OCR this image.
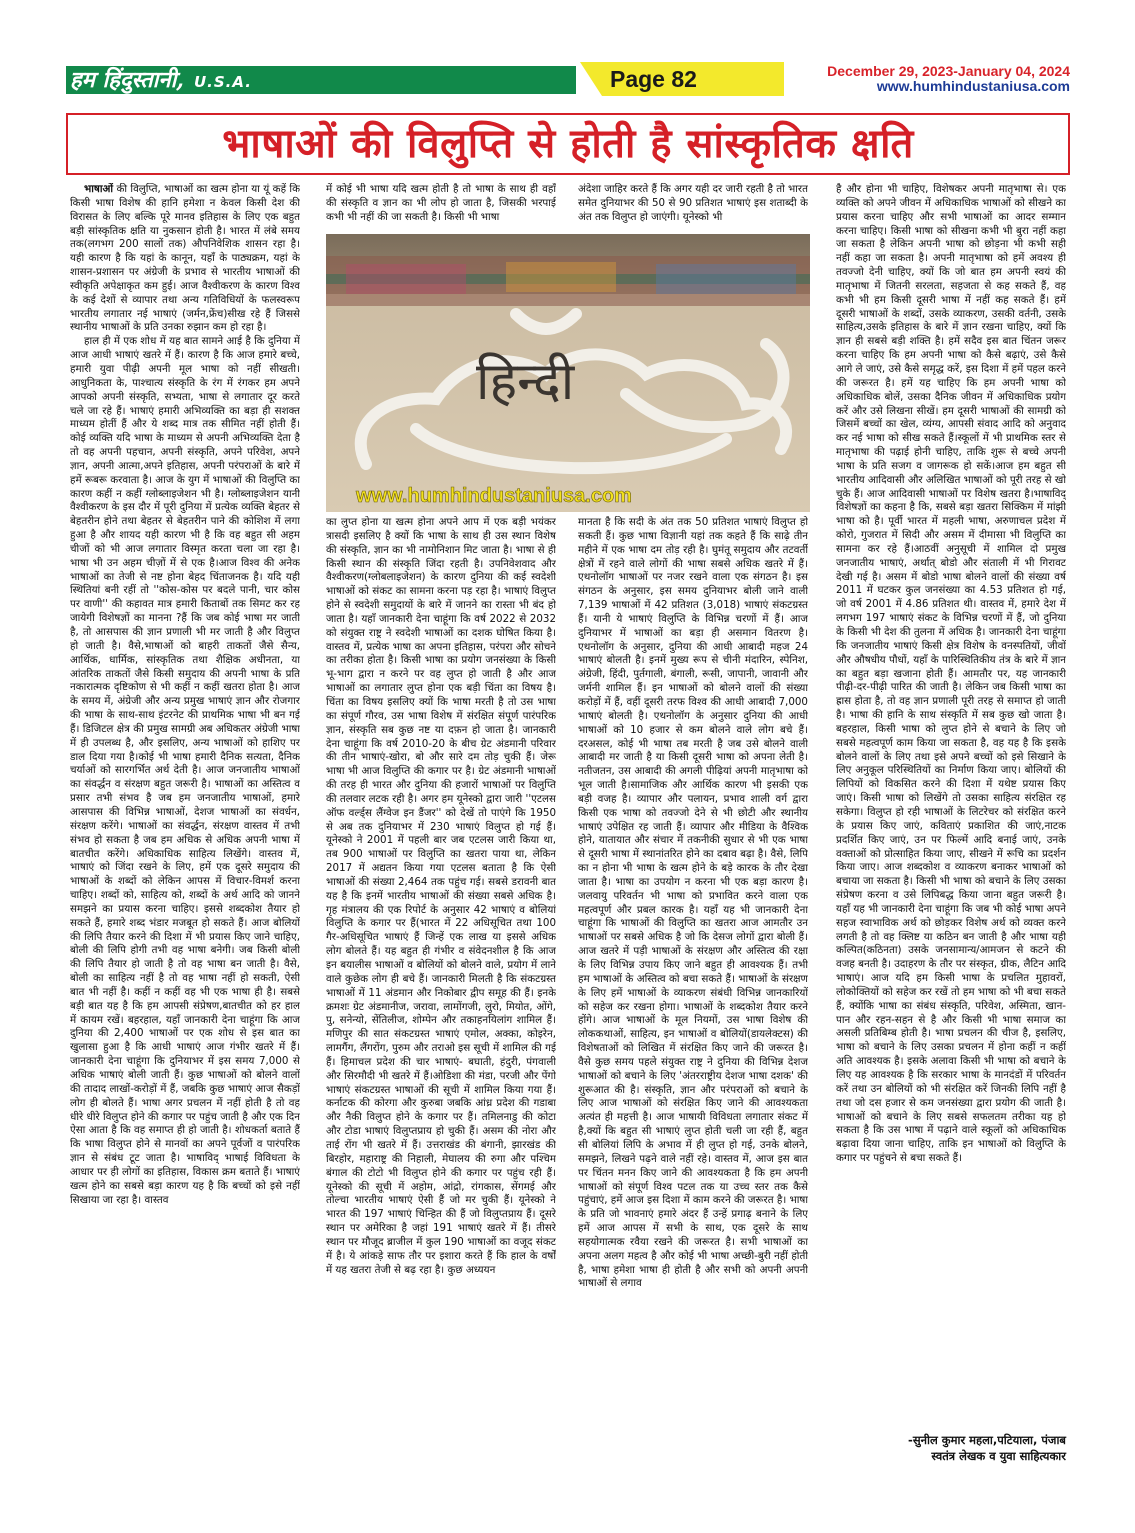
हम हिंदुस्तानी, U.S.A.	Page 82	December 29, 2023-January 04, 2024
www.humhindustaniusa.com
भाषाओं की विलुप्ति से होती है सांस्कृतिक क्षति

भाषाओं की विलुप्ति, भाषाओं का खत्म होना या यूं कहें कि किसी भाषा विशेष की हानि हमेशा न केवल किसी देश की विरासत के लिए बल्कि पूरे मानव इतिहास के लिए एक बहुत बड़ी सांस्कृतिक क्षति या नुकसान होती है। भारत में लंबे समय तक(लगभग 200 सालों तक) औपनिवेशिक शासन रहा है। यही कारण है कि यहां के कानून, यहाँ के पाठ्यक्रम, यहां के शासन-प्रशासन पर अंग्रेजी के प्रभाव से भारतीय भाषाओं की स्वीकृति अपेक्षाकृत कम हुई। आज वैश्वीकरण के कारण विश्व के कई देशों से व्यापार तथा अन्य गतिविधियों के फलस्वरूप भारतीय लगातार नई भाषाएं (जर्मन,फ्रेंच)सीख रहे हैं जिससे स्थानीय भाषाओं के प्रति उनका रुझान कम हो रहा है।

हाल ही में एक शोध में यह बात सामने आई है कि दुनिया में आज आधी भाषाएं खतरे में हैं। कारण है कि आज हमारे बच्चे, हमारी युवा पीढ़ी अपनी मूल भाषा को नहीं सीखती। आधुनिकता के, पाश्चात्य संस्कृति के रंग में रंगकर हम अपने आपको अपनी संस्कृति, सभ्यता, भाषा से लगातार दूर करते चले जा रहे हैं। भाषाएं हमारी अभिव्यक्ति का बड़ा ही सशक्त माध्यम होतीं हैं और ये शब्द मात्र तक सीमित नहीं होती हैं। कोई व्यक्ति यदि भाषा के माध्यम से अपनी अभिव्यक्ति देता है तो वह अपनी पहचान, अपनी संस्कृति, अपने परिवेश, अपने ज्ञान, अपनी आत्मा,अपने इतिहास, अपनी परंपराओं के बारे में हमें रूबरू करवाता है। आज के युग में भाषाओं की विलुप्ति का कारण कहीं न कहीं ग्लोब्लाइजेशन भी है। ग्लोब्लाइजेशन यानी वैश्वीकरण के इस दौर में पूरी दुनिया में प्रत्येक व्यक्ति बेहतर से बेहतरीन होने तथा बेहतर से बेहतरीन पाने की कोशिश में लगा हुआ है और शायद यही कारण भी है कि वह बहुत सी अहम चीजों को भी आज लगातार विस्मृत करता चला जा रहा है। भाषा भी उन अहम चीज़ों में से एक है।आज विश्व की अनेक भाषाओं का तेजी से नष्ट होना बेहद चिंताजनक है। यदि यही स्थितियां बनी रहीं तो ''कोस-कोस पर बदले पानी, चार कोस पर वाणी'' की कहावत मात्र हमारी किताबों तक सिमट कर रह जायेगी विशेषज्ञों का मानना ?हैं कि जब कोई भाषा मर जाती है, तो आसपास की ज्ञान प्रणाली भी मर जाती है और विलुप्त हो जाती है। वैसे,भाषाओं को बाहरी ताकतों जैसे सैन्य, आर्थिक, धार्मिक, सांस्कृतिक तथा शैक्षिक अधीनता, या आंतरिक ताकतों जैसे किसी समुदाय की अपनी भाषा के प्रति नकारात्मक दृष्टिकोण से भी कहीं न कहीं खतरा होता है। आज के समय में, अंग्रेजी और अन्य प्रमुख भाषाएं ज्ञान और रोजगार की भाषा के साथ-साथ इंटरनेट की प्राथमिक भाषा भी बन गई हैं। डिजिटल क्षेत्र की प्रमुख सामग्री अब अधिकतर अंग्रेजी भाषा में ही उपलब्ध है, और इसलिए, अन्य भाषाओं को हाशिए पर डाल दिया गया है।कोई भी भाषा हमारी दैनिक सत्यता, दैनिक चर्याओं को सारगर्भित अर्थ देती है। आज जनजातीय भाषाओं का संवर्द्धन व संरक्षण बहुत जरूरी है। भाषाओं का अस्तित्व व प्रसार तभी संभव है जब हम जनजातीय भाषाओं, हमारे आसपास की विभिन्न भाषाओं, देशज भाषाओं का संवर्धन, संरक्षण करेंगे। भाषाओं का संवर्द्धन, संरक्षण वास्तव में तभी संभव हो सकता है जब हम अधिक से अधिक अपनी भाषा में बातचीत करेंगे। अधिकाधिक साहित्य लिखेंगे। वास्तव में, भाषाएं को जिंदा रखने के लिए, हमें एक दूसरे समुदाय की भाषाओं के शब्दों को लेकिन आपस में विचार-विमर्श करना चाहिए। शब्दों को, साहित्य को, शब्दों के अर्थ आदि को जानने समझने का प्रयास करना चाहिए। इससे शब्दकोश तैयार हो सकते हैं, हमारे शब्द भंडार मजबूत हो सकते हैं। आज बोलियों की लिपि तैयार करने की दिशा में भी प्रयास किए जाने चाहिए, बोली की लिपि होगी तभी वह भाषा बनेगी। जब किसी बोली की लिपि तैयार हो जाती है तो वह भाषा बन जाती है। वैसे, बोली का साहित्य नहीं है तो वह भाषा नहीं हो सकती, ऐसी बात भी नहीं है। कहीं न कहीं वह भी एक भाषा ही है। सबसे बड़ी बात यह है कि हम आपसी संप्रेषण,बातचीत को हर हाल में कायम रखें। बहरहाल, यहाँ जानकारी देना चाहूंगा कि आज दुनिया की 2,400 भाषाओं पर एक शोध से इस बात का खुलासा हुआ है कि आधी भाषाएं आज गंभीर खतरे में हैं। जानकारी देना चाहूंगा कि दुनियाभर में इस समय 7,000 से अधिक भाषाएं बोली जाती हैं। कुछ भाषाओं को बोलने वालों की तादाद लाखों-करोड़ों में हैं, जबकि कुछ भाषाएं आज सैकड़ों लोग ही बोलते हैं। भाषा अगर प्रचलन में नहीं होती है तो वह धीरे धीरे विलुप्त होने की कगार पर पहुंच जाती है और एक दिन ऐसा आता है कि वह समाप्त ही हो जाती है। शोधकर्ता बताते हैं कि भाषा विलुप्त होने से मानवों का अपने पूर्वजों व पारंपरिक ज्ञान से संबंध टूट जाता है। भाषाविद् भाषाई विविधता के आधार पर ही लोगों का इतिहास, विकास क्रम बताते हैं। भाषाएं खत्म होने का सबसे बड़ा कारण यह है कि बच्चों को इसे नहीं सिखाया जा रहा है। वास्तव

में कोई भी भाषा यदि खत्म होती है तो भाषा के साथ ही वहाँ की संस्कृति व ज्ञान का भी लोप हो जाता है, जिसकी भरपाई कभी भी नहीं की जा सकती है। किसी भी भाषा

अंदेशा जाहिर करते हैं कि अगर यही दर जारी रहती है तो भारत समेत दुनियाभर की 50 से 90 प्रतिशत भाषाएं इस शताब्दी के अंत तक विलुप्त हो जाएंगी। यूनेस्को भी

हिन्दी
www.humhindustaniusa.com

का लुप्त होना या खत्म होना अपने आप में एक बड़ी भयंकर त्रासदी इसलिए है क्यों कि भाषा के साथ ही उस स्थान विशेष की संस्कृति, ज्ञान का भी नामोनिशान मिट जाता है। भाषा से ही किसी स्थान की संस्कृति जिंदा रहती है। उपनिवेशवाद और वैश्वीकरण(ग्लोबलाइजेशन) के कारण दुनिया की कई स्वदेशी भाषाओं को संकट का सामना करना पड़ रहा है। भाषाएं विलुप्त होने से स्वदेशी समुदायों के बारे में जानने का रास्ता भी बंद हो जाता है। यहाँ जानकारी देना चाहूंगा कि वर्ष 2022 से 2032 को संयुक्त राष्ट्र ने स्वदेशी भाषाओं का दशक घोषित किया है। वास्तव में, प्रत्येक भाषा का अपना इतिहास, परंपरा और सोचने का तरीका होता है। किसी भाषा का प्रयोग जनसंख्या के किसी भू-भाग द्वारा न करने पर वह लुप्त हो जाती है और आज भाषाओं का लगातार लुप्त होना एक बड़ी चिंता का विषय है। चिंता का विषय इसलिए क्यों कि भाषा मरती है तो उस भाषा का संपूर्ण गौरव, उस भाषा विशेष में संरक्षित संपूर्ण पारंपरिक ज्ञान, संस्कृति सब कुछ नष्ट या दफ़न हो जाता है। जानकारी देना चाहूंगा कि वर्ष 2010-20 के बीच ग्रेट अंडमानी परिवार की तीन भाषाएं-खोरा, बो और सारे दम तोड़ चुकी हैं। जेरू भाषा भी आज विलुप्ति की कगार पर है। ग्रेट अंडमानी भाषाओं की तरह ही भारत और दुनिया की हजारों भाषाओं पर विलुप्ति की तलवार लटक रही है। अगर हम यूनेस्को द्वारा जारी ''एटलस ऑफ वर्ल्ड्स लैंग्वेज इन डैंजर'' को देखें तो पाएंगे कि 1950 से अब तक दुनियाभर में 230 भाषाएं विलुप्त हो गई हैं। यूनेस्को ने 2001 में पहली बार जब एटलस जारी किया था, तब 900 भाषाओं पर विलुप्ति का खतरा पाया था, लेकिन 2017 में अद्यतन किया गया एटलस बताता है कि ऐसी भाषाओं की संख्या 2,464 तक पहुंच गई। सबसे डरावनी बात यह है कि इनमें भारतीय भाषाओं की संख्या सबसे अधिक है। गृह मंत्रालय की एक रिपोर्ट के अनुसार 42 भाषाएं व बोलियां विलुप्ति के कगार पर हैं(भारत में 22 अधिसूचित तथा 100 गैर-अधिसूचित भाषाएं हैं जिन्हें एक लाख या इससे अधिक लोग बोलते हैं। यह बहुत ही गंभीर व संवेदनशील है कि आज इन बयालीस भाषाओं व बोलियों को बोलने वाले, प्रयोग में लाने वाले कुछेक लोग ही बचे हैं। जानकारी मिलती है कि संकटग्रस्त भाषाओं में 11 अंडमान और निकोबार द्वीप समूह की हैं। इनके क्रमशः ग्रेट अंडमानीज, जरावा, लामोंगजी, लुरो, मियोत, ओंगे, पु, सनेन्यो, सेंतिलीज, शोम्पेन और तकाहनयिलांग शामिल हैं। मणिपुर की सात संकटग्रस्त भाषाएं एमोल, अक्का, कोइरेन, लामगैंग, लैंगरोंग, पुरुम और तराओ इस सूची में शामिल की गई हैं। हिमाचल प्रदेश की चार भाषाएं- बघाती, हंदुरी, पंगवाली और सिरमौदी भी खतरे में हैं।ओडिशा की मंडा, परजी और पेंगो भाषाएं संकटग्रस्त भाषाओं की सूची में शामिल किया गया हैं।कर्नाटक की कोरगा और कुरुबा जबकि आंध्र प्रदेश की गडाबा और नैकी विलुप्त होने के कगार पर हैं। तमिलनाडु की कोटा और टोडा भाषाएं विलुप्तप्राय हो चुकी हैं। असम की नोरा और ताई रोंग भी खतरे में हैं। उत्तराखंड की बंगानी, झारखंड की बिरहोर, महाराष्ट्र की निहाली, मेघालय की रुगा और पश्चिम बंगाल की टोटो भी विलुप्त होने की कगार पर पहुंच रही हैं। यूनेस्को की सूची में अहोम, आंद्रो, रांगकास, सेंगमई और तोल्चा भारतीय भाषाएं ऐसी हैं जो मर चुकी हैं। यूनेस्को ने भारत की 197 भाषाएं चिन्हित की हैं जो विलुप्तप्राय हैं। दूसरे स्थान पर अमेरिका है जहां 191 भाषाएं खतरे में हैं। तीसरे स्थान पर मौजूद ब्राजील में कुल 190 भाषाओं का वजूद संकट में है। ये आंकड़े साफ तौर पर इशारा करते हैं कि हाल के वर्षों में यह खतरा तेजी से बढ़ रहा है। कुछ अध्ययन

मानता है कि सदी के अंत तक 50 प्रतिशत भाषाएं विलुप्त हो सकती हैं। कुछ भाषा विज्ञानी यहां तक कहते हैं कि साढ़े तीन महीने में एक भाषा दम तोड़ रही है। घुमंतू समुदाय और तटवर्ती क्षेत्रों में रहने वाले लोगों की भाषा सबसे अधिक खतरे में हैं।एथनोलॉग भाषाओं पर नजर रखने वाला एक संगठन है। इस संगठन के अनुसार, इस समय दुनियाभर बोली जाने वाली 7,139 भाषाओं में 42 प्रतिशत (3,018) भाषाएं संकटग्रस्त हैं। यानी ये भाषाएं विलुप्ति के विभिन्न चरणों में हैं। आज दुनियाभर में भाषाओं का बड़ा ही असमान वितरण है। एथनोलॉग के अनुसार, दुनिया की आधी आबादी महज 24 भाषाएं बोलती है। इनमें मुख्य रूप से चीनी मंदारिन, स्पेनिश, अंग्रेजी, हिंदी, पुर्तगाली, बंगाली, रूसी, जापानी, जावानी और जर्मनी शामिल हैं। इन भाषाओं को बोलने वालों की संख्या करोड़ों में हैं, वहीं दूसरी तरफ विश्व की आधी आबादी 7,000 भाषाएं बोलती है। एथनोलॉग के अनुसार दुनिया की आधी भाषाओं को 10 हजार से कम बोलने वाले लोग बचे हैं। दरअसल, कोई भी भाषा तब मरती है जब उसे बोलने वाली आबादी मर जाती है या किसी दूसरी भाषा को अपना लेती है। नतीजतन, उस आबादी की अगली पीढ़ियां अपनी मातृभाषा को भूल जाती है।सामाजिक और आर्थिक कारण भी इसकी एक बड़ी वजह है। व्यापार और पलायन, प्रभाव शाली वर्ग द्वारा किसी एक भाषा को तवज्जो देने से भी छोटी और स्थानीय भाषाएं उपेक्षित रह जाती हैं। व्यापार और मीडिया के वैश्विक होने, यातायात और संचार में तकनीकी सुधार से भी एक भाषा से दूसरी भाषा में स्थानांतरित होने का दबाव बढ़ा है। वैसे, लिपि का न होना भी भाषा के खत्म होने के बड़े कारक के तौर देखा जाता है। भाषा का उपयोग न करना भी एक बड़ा कारण है। जलवायु परिवर्तन भी भाषा को प्रभावित करने वाला एक महत्वपूर्ण और प्रबल कारक है। यहाँ यह भी जानकारी देना चाहूंगा कि भाषाओं की विलुप्ति का खतरा आज आमतौर उन भाषाओं पर सबसे अधिक है जो कि देसज लोगों द्वारा बोली हैं। आज खतरे में पड़ी भाषाओं के संरक्षण और अस्तित्व की रक्षा के लिए विभिन्न उपाय किए जाने बहुत ही आवश्यक हैं। तभी हम भाषाओं के अस्तित्व को बचा सकते हैं। भाषाओं के संरक्षण के लिए हमें भाषाओं के व्याकरण संबंधी विभिन्न जानकारियों को सहेज कर रखना होगा। भाषाओं के शब्दकोश तैयार करने होंगे। आज भाषाओं के मूल नियमों, उस भाषा विशेष की लोककथाओं, साहित्य, इन भाषाओं व बोलियों(डायलेक्टस) की विशेषताओं को लिखित में संरक्षित किए जाने की जरूरत है। वैसे कुछ समय पहले संयुक्त राष्ट्र ने दुनिया की विभिन्न देशज भाषाओं को बचाने के लिए 'अंतरराष्ट्रीय देशज भाषा दशक' की शुरूआत की है। संस्कृति, ज्ञान और परंपराओं को बचाने के लिए आज भाषाओं को संरक्षित किए जाने की आवश्यकता अत्यंत ही महत्ती है। आज भाषायी विविधता लगातार संकट में है,क्यों कि बहुत सी भाषाएं लुप्त होती चली जा रही हैं, बहुत सी बोलियां लिपि के अभाव में ही लुप्त हो गई, उनके बोलने, समझने, लिखने पढ़ने वाले नहीं रहे। वास्तव में, आज इस बात पर चिंतन मनन किए जाने की आवश्यकता है कि हम अपनी भाषाओं को संपूर्ण विश्व पटल तक या उच्च स्तर तक कैसे पहुंचाएं, हमें आज इस दिशा में काम करने की जरूरत है। भाषा के प्रति जो भावनाएं हमारे अंदर हैं उन्हें प्रगाढ़ बनाने के लिए हमें आज आपस में सभी के साथ, एक दूसरे के साथ सहयोगात्मक रवैया रखने की जरूरत है। सभी भाषाओं का अपना अलग महत्व है और कोई भी भाषा अच्छी-बुरी नहीं होती है, भाषा हमेशा भाषा ही होती है और सभी को अपनी अपनी भाषाओं से लगाव

है और होना भी चाहिए, विशेषकर अपनी मातृभाषा से। एक व्यक्ति को अपने जीवन में अधिकाधिक भाषाओं को सीखने का प्रयास करना चाहिए और सभी भाषाओं का आदर सम्मान करना चाहिए। किसी भाषा को सीखना कभी भी बुरा नहीं कहा जा सकता है लेकिन अपनी भाषा को छोड़ना भी कभी सही नहीं कहा जा सकता है। अपनी मातृभाषा को हमें अवश्य ही तवज्जो देनी चाहिए, क्यों कि जो बात हम अपनी स्वयं की मातृभाषा में जितनी सरलता, सहजता से कह सकते हैं, वह कभी भी हम किसी दूसरी भाषा में नहीं कह सकते हैं। हमें दूसरी भाषाओं के शब्दों, उसके व्याकरण, उसकी वर्तनी, उसके साहित्य,उसके इतिहास के बारे में ज्ञान रखना चाहिए, क्यों कि ज्ञान ही सबसे बड़ी शक्ति है। हमें सदैव इस बात चिंतन जरूर करना चाहिए कि हम अपनी भाषा को कैसे बढ़ाएं, उसे कैसे आगे ले जाएं, उसे कैसे समृद्ध करें, इस दिशा में हमें पहल करने की जरूरत है। हमें यह चाहिए कि हम अपनी भाषा को अधिकाधिक बोलें, उसका दैनिक जीवन में अधिकाधिक प्रयोग करें और उसे लिखना सीखें। हम दूसरी भाषाओं की सामग्री को जिसमें बच्चों का खेल, व्यंग्य, आपसी संवाद आदि को अनुवाद कर नई भाषा को सीख सकते हैं।स्कूलों में भी प्राथमिक स्तर से मातृभाषा की पढ़ाई होनी चाहिए, ताकि शुरू से बच्चे अपनी भाषा के प्रति सजग व जागरूक हो सकें।आज हम बहुत सी भारतीय आदिवासी और अलिखित भाषाओं को पूरी तरह से खो चुके हैं। आज आदिवासी भाषाओं पर विशेष खतरा है।भाषाविद् विशेषज्ञों का कहना है कि, सबसे बड़ा खतरा सिक्किम में मांझी भाषा को है। पूर्वी भारत में महली भाषा, अरुणाचल प्रदेश में कोरो, गुजरात में सिदी और असम में दीमासा भी विलुप्ति का सामना कर रहे हैं।आठवीं अनुसूची में शामिल दो प्रमुख जनजातीय भाषाएं, अर्थात् बोडो और संताली में भी गिरावट देखी गई है। असम में बोडो भाषा बोलने वालों की संख्या वर्ष 2011 में घटकर कुल जनसंख्या का 4.53 प्रतिशत हो गई, जो वर्ष 2001 में 4.86 प्रतिशत थी। वास्तव में, हमारे देश में लगभग 197 भाषाएं संकट के विभिन्न चरणों में हैं, जो दुनिया के किसी भी देश की तुलना में अधिक है। जानकारी देना चाहूंगा कि जनजातीय भाषाएं किसी क्षेत्र विशेष के वनस्पतियों, जीवों और औषधीय पौधों, यहाँ के पारिस्थितिकीय तंत्र के बारे में ज्ञान का बहुत बड़ा खजाना होती हैं। आमतौर पर, यह जानकारी पीढ़ी-दर-पीढ़ी पारित की जाती है। लेकिन जब किसी भाषा का ह्रास होता है, तो वह ज्ञान प्रणाली पूरी तरह से समाप्त हो जाती है। भाषा की हानि के साथ संस्कृति में सब कुछ खो जाता है। बहरहाल, किसी भाषा को लुप्त होने से बचाने के लिए जो सबसे महत्वपूर्ण काम किया जा सकता है, वह यह है कि इसके बोलने वालों के लिए तथा इसे अपने बच्चों को इसे सिखाने के लिए अनुकूल परिस्थितियों का निर्माण किया जाए। बोलियों की लिपियों को विकसित करने की दिशा में यथेष्ट प्रयास किए जाएं। किसी भाषा को लिखेंगे तो उसका साहित्य संरक्षित रह सकेगा। विलुप्त हो रही भाषाओं के लिटरेचर को संरक्षित करने के प्रयास किए जाएं, कविताएं प्रकाशित की जाएं,नाटक प्रदर्शित किए जाएं, उन पर फिल्में आदि बनाई जाएं, उनके वक्ताओं को प्रोत्साहित किया जाए, सीखने में रूचि का प्रदर्शन किया जाए। आज शब्दकोश व व्याकरण बनाकर भाषाओं को बचाया जा सकता है। किसी भी भाषा को बचाने के लिए उसका संप्रेषण करना व उसे लिपिबद्ध किया जाना बहुत जरूरी है। यहाँ यह भी जानकारी देना चाहूंगा कि जब भी कोई भाषा अपने सहज स्वाभाविक अर्थ को छोड़कर विशेष अर्थ को व्यक्त करने लगती है तो वह क्लिष्ट या कठिन बन जाती है और भाषा यही कल्पित(कठिनता) उसके जनसामान्य/आमजन से कटने की वजह बनती है। उदाहरण के तौर पर संस्कृत, ग्रीक, लैटिन आदि भाषाएं। आज यदि हम किसी भाषा के प्रचलित मुहावरों, लोकोक्तियों को सहेज कर रखें तो हम भाषा को भी बचा सकते हैं, क्योंकि भाषा का संबंध संस्कृति, परिवेश, अस्मिता, खान-पान और रहन-सहन से है और किसी भी भाषा समाज का असली प्रतिबिम्ब होती है। भाषा प्रचलन की चीज है, इसलिए, भाषा को बचाने के लिए उसका प्रचलन में होना कहीं न कहीं अति आवश्यक है। इसके अलावा किसी भी भाषा को बचाने के लिए यह आवश्यक है कि सरकार भाषा के मानदंडों में परिवर्तन करें तथा उन बोलियों को भी संरक्षित करें जिनकी लिपि नहीं है तथा जो दस हजार से कम जनसंख्या द्वारा प्रयोग की जाती है। भाषाओं को बचाने के लिए सबसे सफलतम तरीका यह हो सकता है कि उस भाषा में पढ़ाने वाले स्कूलों को अधिकाधिक बढ़ावा दिया जाना चाहिए, ताकि इन भाषाओं को विलुप्ति के कगार पर पहुंचने से बचा सकते हैं।

-सुनील कुमार महला,पटियाला, पंजाब
स्वतंत्र लेखक व युवा साहित्यकार
